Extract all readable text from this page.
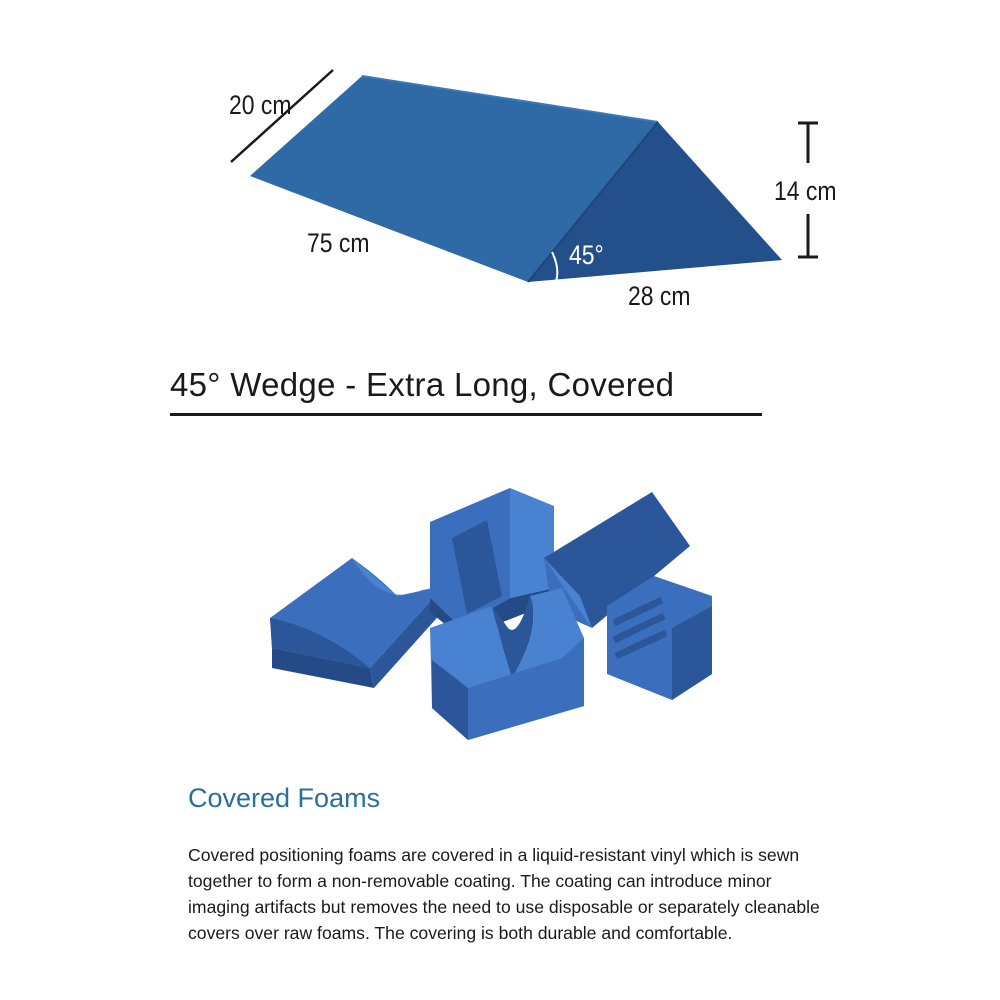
20 cm
75 cm
14 cm
28 cm
45°
45° Wedge - Extra Long, Covered
Covered Foams
Covered positioning foams are covered in a liquid-resistant vinyl which is sewn together to form a non-removable coating. The coating can introduce minor imaging artifacts but removes the need to use disposable or separately cleanable covers over raw foams. The covering is both durable and comfortable.
